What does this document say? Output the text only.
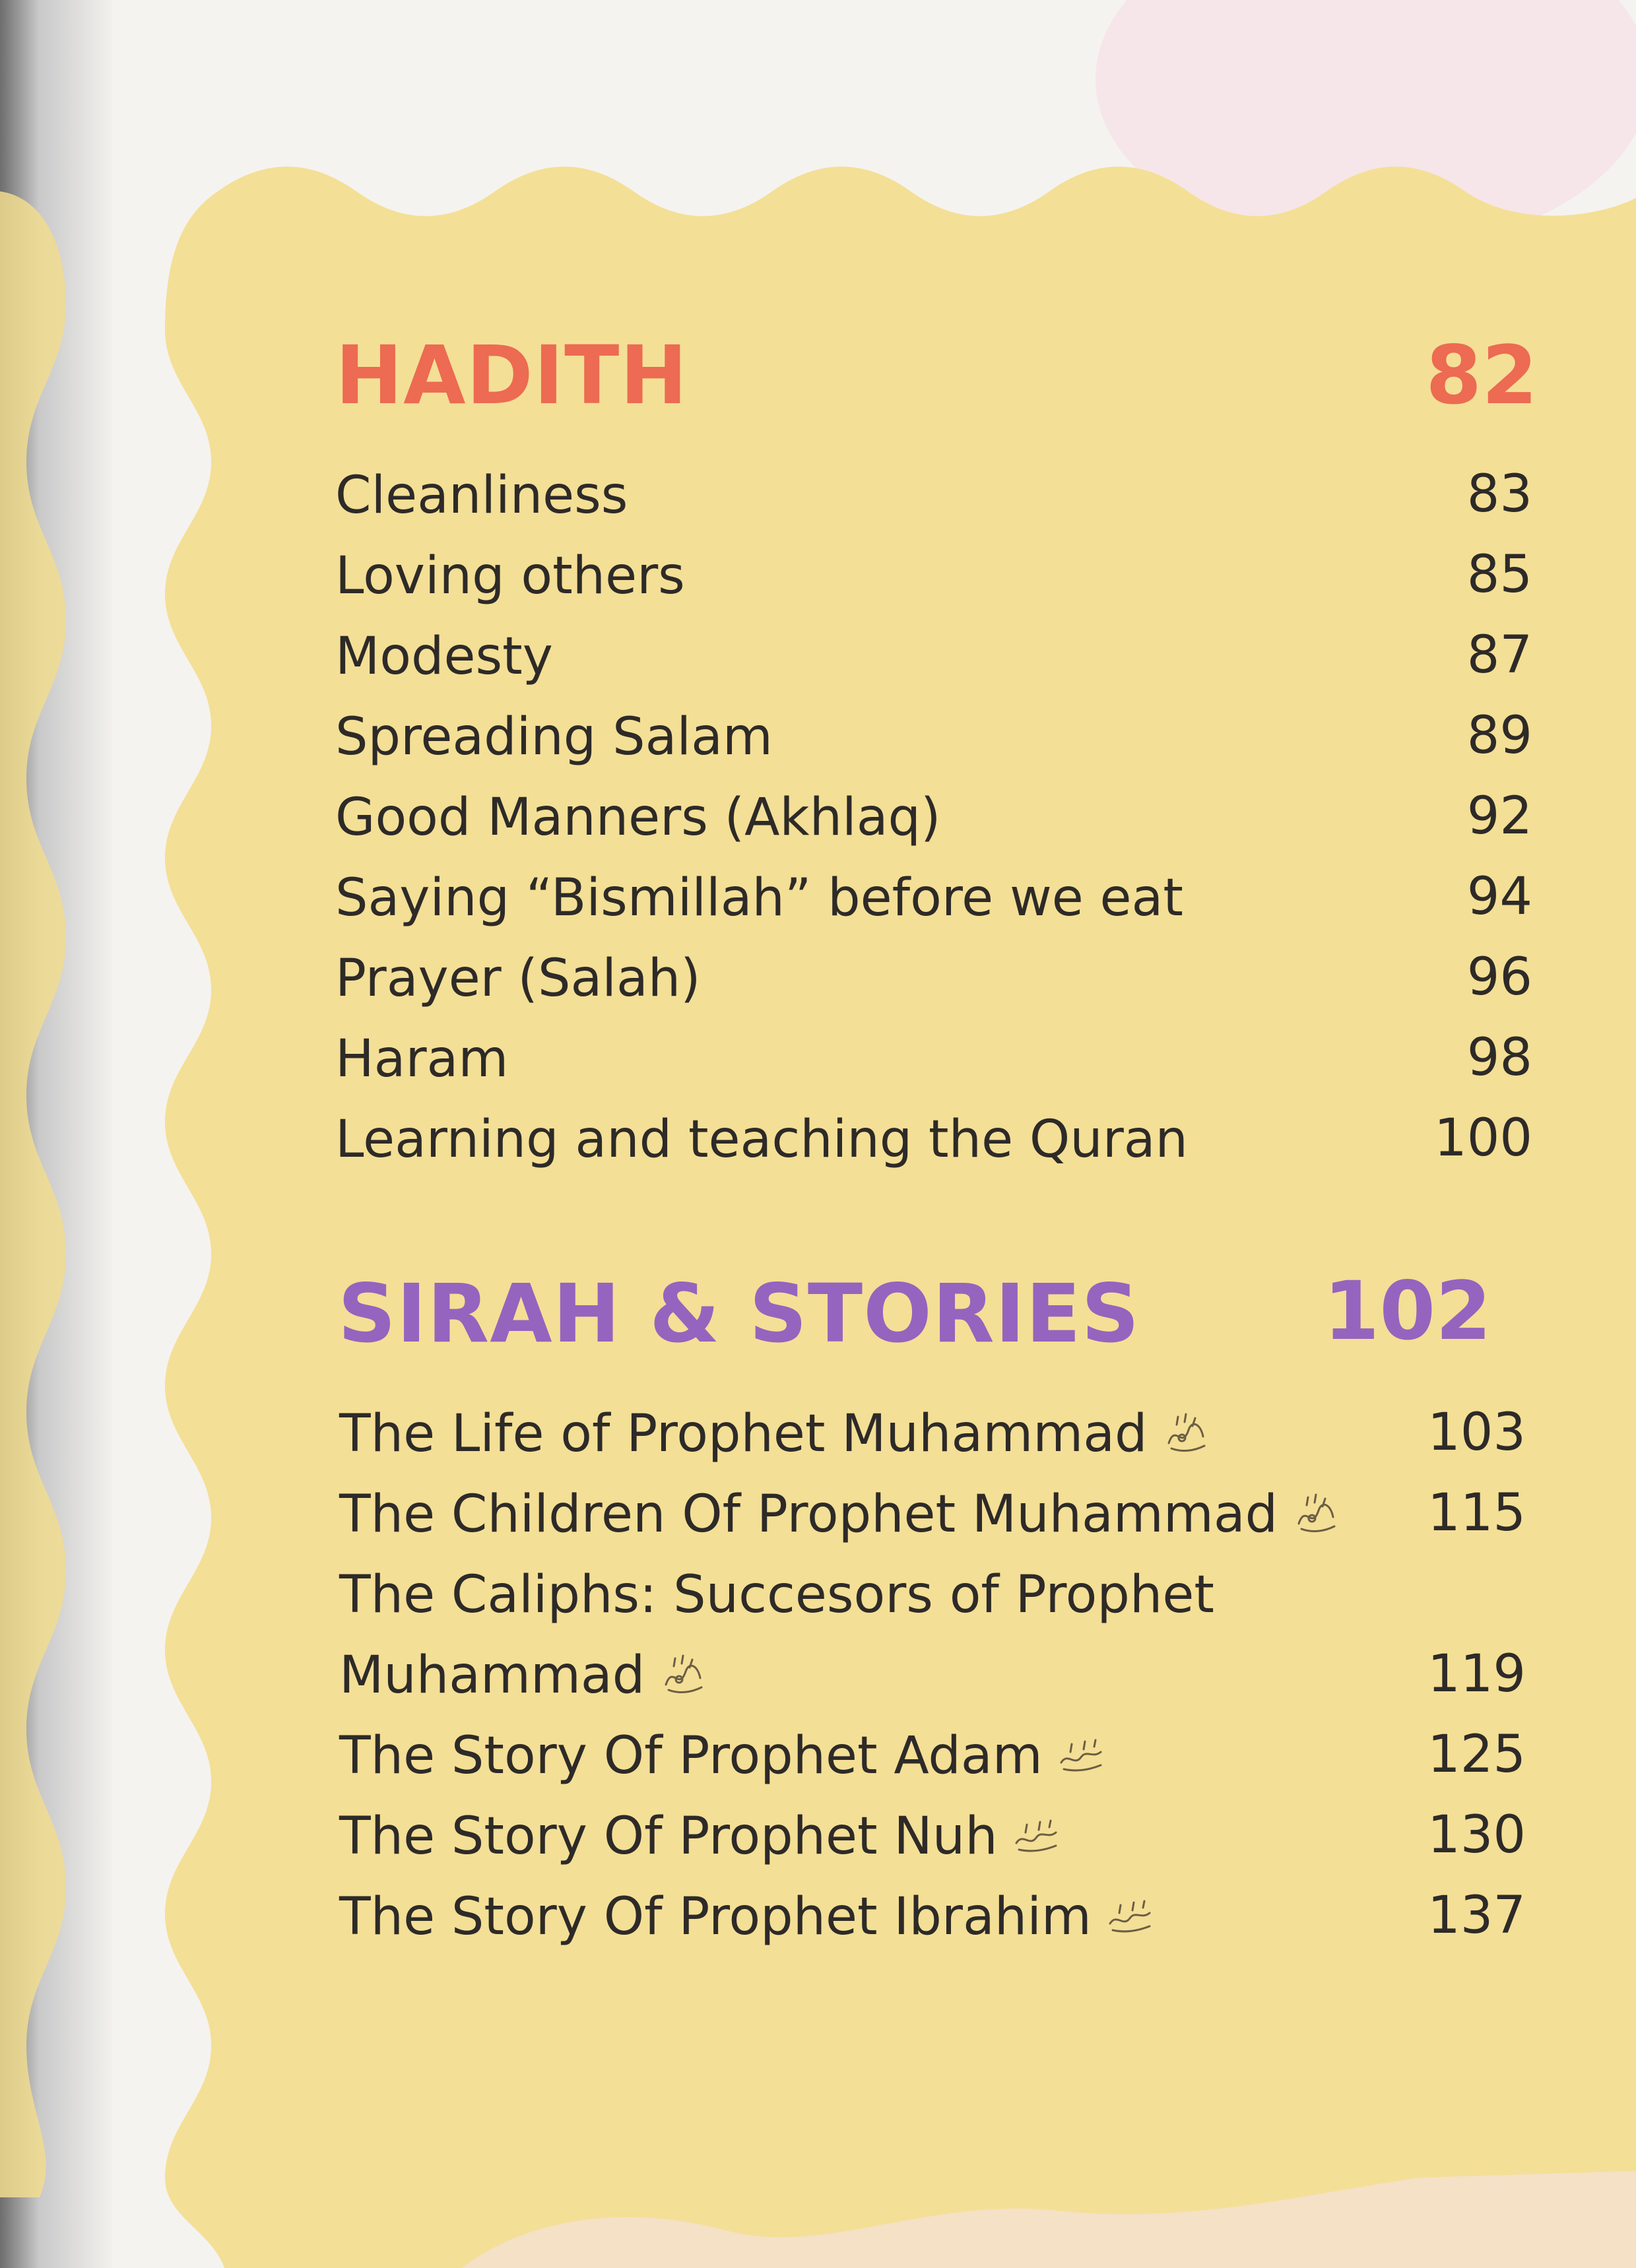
HADITH	82
Cleanliness	83
Loving others	85
Modesty	87
Spreading Salam	89
Good Manners (Akhlaq)	92
Saying “Bismillah” before we eat	94
Prayer (Salah)	96
Haram	98
Learning and teaching the Quran	100
SIRAH & STORIES	102
The Life of Prophet Muhammad	103
The Children Of Prophet Muhammad	115
The Caliphs: Succesors of Prophet
Muhammad	119
The Story Of Prophet Adam	125
The Story Of Prophet Nuh	130
The Story Of Prophet Ibrahim	137
